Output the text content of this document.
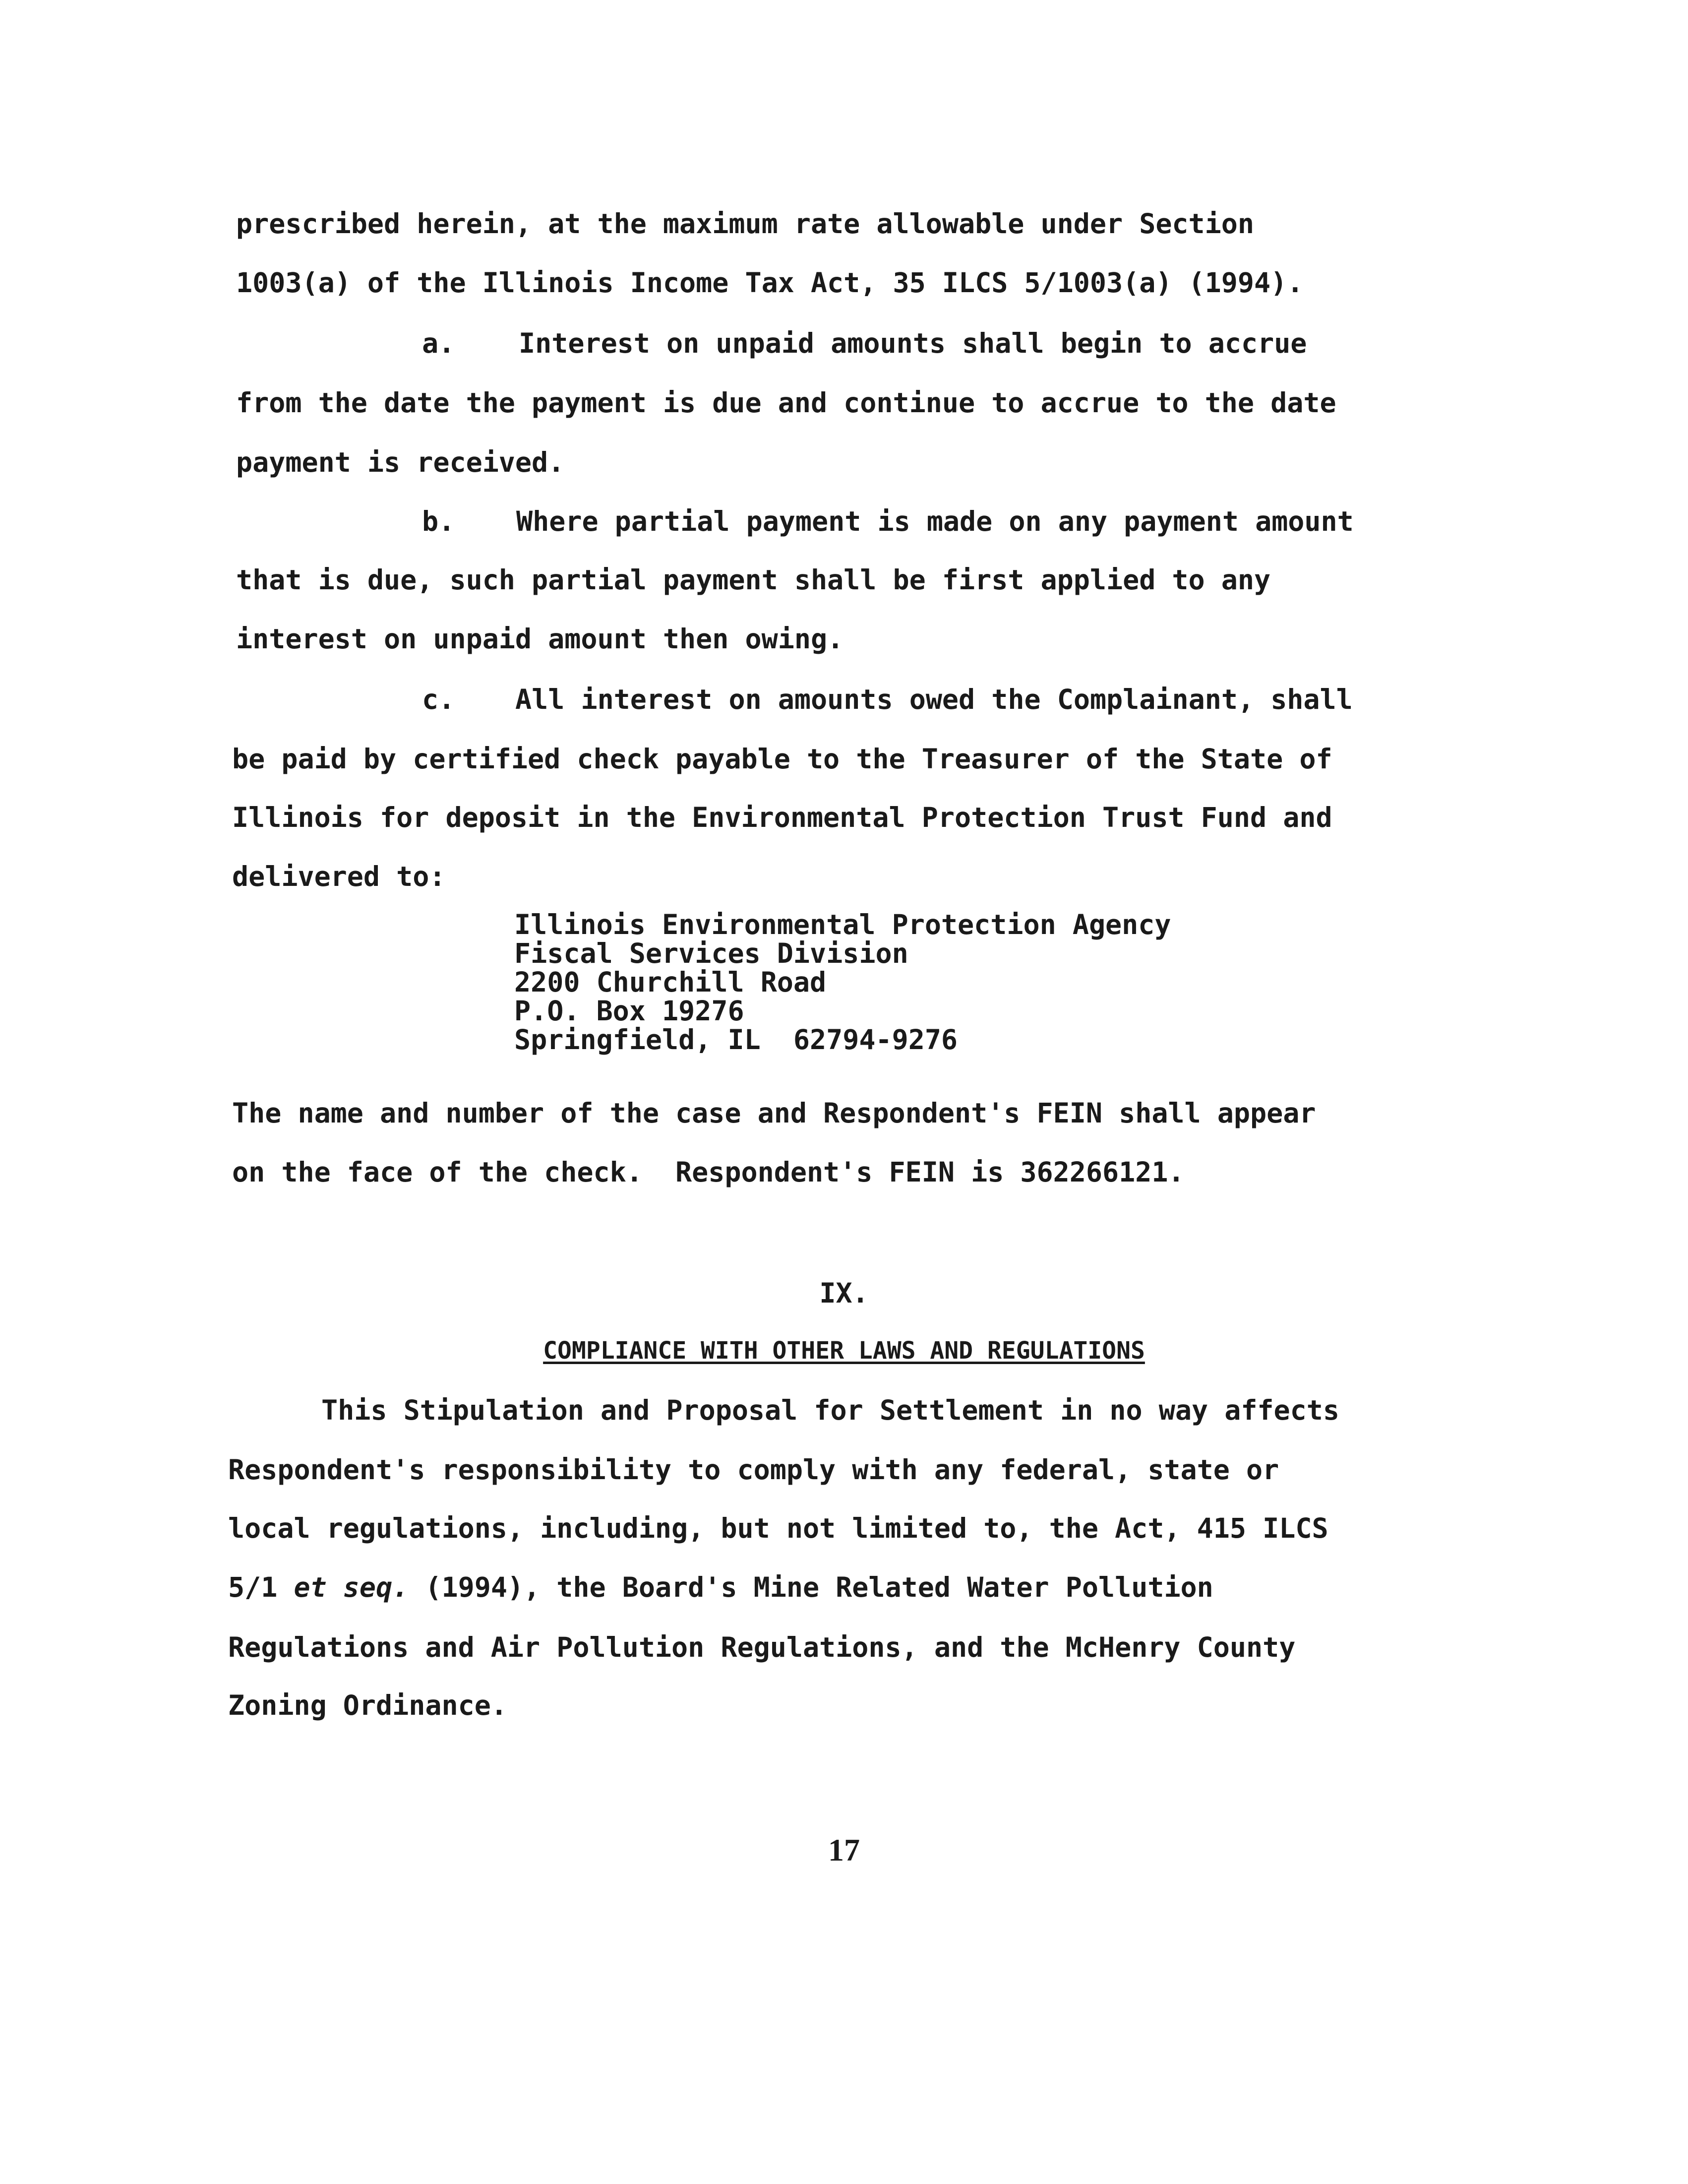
prescribed herein, at the maximum rate allowable under Section
1003(a) of the Illinois Income Tax Act, 35 ILCS 5/1003(a) (1994).
a. Interest on unpaid amounts shall begin to accrue
from the date the payment is due and continue to accrue to the date
payment is received.
b. Where partial payment is made on any payment amount
that is due, such partial payment shall be first applied to any
interest on unpaid amount then owing.
c. All interest on amounts owed the Complainant, shall
be paid by certified check payable to the Treasurer of the State of
Illinois for deposit in the Environmental Protection Trust Fund and
delivered to:
Illinois Environmental Protection Agency
Fiscal Services Division
2200 Churchill Road
P.O. Box 19276
Springfield, IL  62794-9276
The name and number of the case and Respondent's FEIN shall appear
on the face of the check.  Respondent's FEIN is 362266121.
IX.
COMPLIANCE WITH OTHER LAWS AND REGULATIONS
This Stipulation and Proposal for Settlement in no way affects
Respondent's responsibility to comply with any federal, state or
local regulations, including, but not limited to, the Act, 415 ILCS
5/1 et seq. (1994), the Board's Mine Related Water Pollution
Regulations and Air Pollution Regulations, and the McHenry County
Zoning Ordinance.
17
